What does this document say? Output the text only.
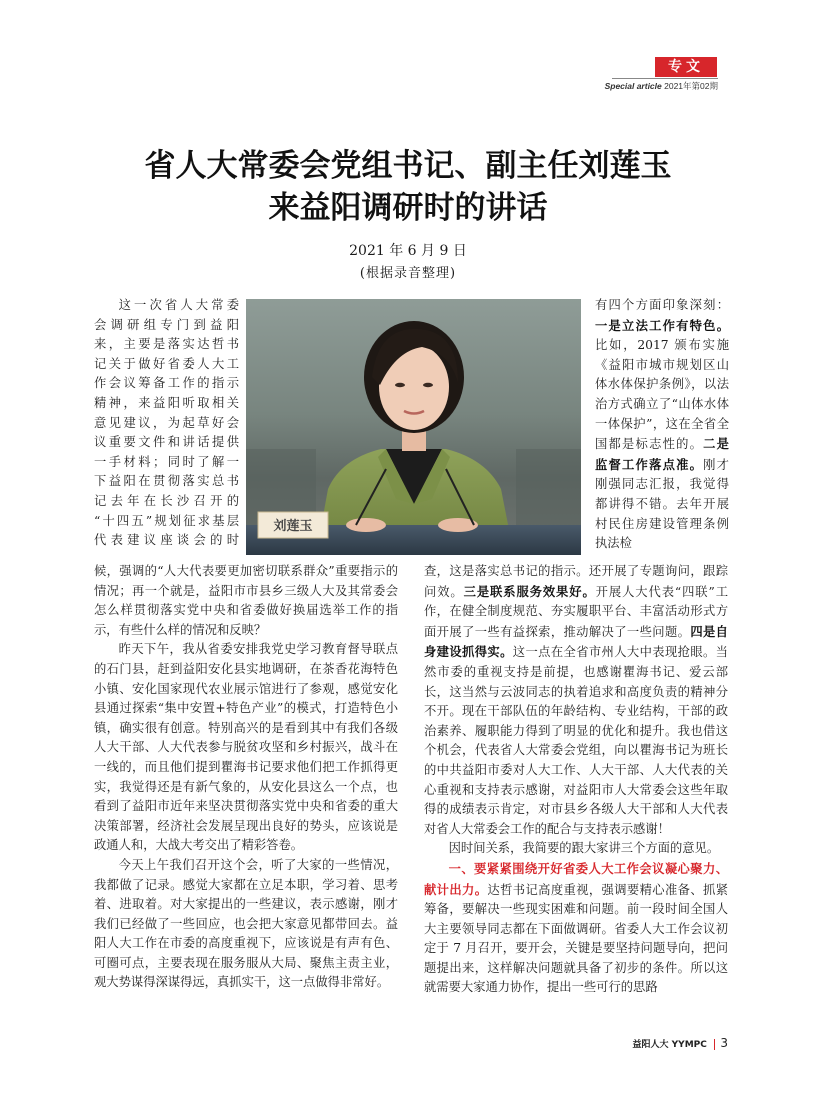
专文
Special article 2021年第02期
省人大常委会党组书记、副主任刘莲玉
来益阳调研时的讲话
2021 年 6 月 9 日
(根据录音整理)
刘莲玉
这一次省人大常委
会调研组专门到益阳
来，主要是落实达哲书
记关于做好省委人大工
作会议筹备工作的指示
精神，来益阳听取相关
意见建议，为起草好会
议重要文件和讲话提供
一手材料；同时了解一
下益阳在贯彻落实总书
记去年在长沙召开的
“十四五”规划征求基层
代表建议座谈会的时

有四个方面印象深刻：一是立法工作有特色。比如，2017 颁布实施《益阳市城市规划区山体水体保护条例》，以法治方式确立了“山体水体一体保护”，这在全省全国都是标志性的。二是监督工作落点准。刚才刚强同志汇报，我觉得都讲得不错。去年开展村民住房建设管理条例执法检

候，强调的“人大代表要更加密切联系群众”重要指示的情况；再一个就是，益阳市市县乡三级人大及其常委会怎么样贯彻落实党中央和省委做好换届选举工作的指示，有些什么样的情况和反映？

昨天下午，我从省委安排我党史学习教育督导联点的石门县，赶到益阳安化县实地调研，在茶香花海特色小镇、安化国家现代农业展示馆进行了参观，感觉安化县通过探索“集中安置+特色产业”的模式，打造特色小镇，确实很有创意。特别高兴的是看到其中有我们各级人大干部、人大代表参与脱贫攻坚和乡村振兴，战斗在一线的，而且他们提到瞿海书记要求他们把工作抓得更实，我觉得还是有新气象的，从安化县这么一个点，也看到了益阳市近年来坚决贯彻落实党中央和省委的重大决策部署，经济社会发展呈现出良好的势头，应该说是政通人和，大战大考交出了精彩答卷。

今天上午我们召开这个会，听了大家的一些情况，我都做了记录。感觉大家都在立足本职，学习着、思考着、进取着。对大家提出的一些建议，表示感谢，刚才我们已经做了一些回应，也会把大家意见都带回去。益阳人大工作在市委的高度重视下，应该说是有声有色、可圈可点，主要表现在服务服从大局、聚焦主责主业，观大势谋得深谋得远，真抓实干，这一点做得非常好。

查，这是落实总书记的指示。还开展了专题询问，跟踪问效。三是联系服务效果好。开展人大代表“四联”工作，在健全制度规范、夯实履职平台、丰富活动形式方面开展了一些有益探索，推动解决了一些问题。四是自身建设抓得实。这一点在全省市州人大中表现抢眼。当然市委的重视支持是前提，也感谢瞿海书记、爱云部长，这当然与云波同志的执着追求和高度负责的精神分不开。现在干部队伍的年龄结构、专业结构，干部的政治素养、履职能力得到了明显的优化和提升。我也借这个机会，代表省人大常委会党组，向以瞿海书记为班长的中共益阳市委对人大工作、人大干部、人大代表的关心重视和支持表示感谢，对益阳市人大常委会这些年取得的成绩表示肯定，对市县乡各级人大干部和人大代表对省人大常委会工作的配合与支持表示感谢！

因时间关系，我简要的跟大家讲三个方面的意见。

一、要紧紧围绕开好省委人大工作会议凝心聚力、献计出力。达哲书记高度重视，强调要精心准备、抓紧筹备，要解决一些现实困难和问题。前一段时间全国人大主要领导同志都在下面做调研。省委人大工作会议初定于 7 月召开，要开会，关键是要坚持问题导向，把问题提出来，这样解决问题就具备了初步的条件。所以这就需要大家通力协作，提出一些可行的思路

益阳人大 YYMPC 3
